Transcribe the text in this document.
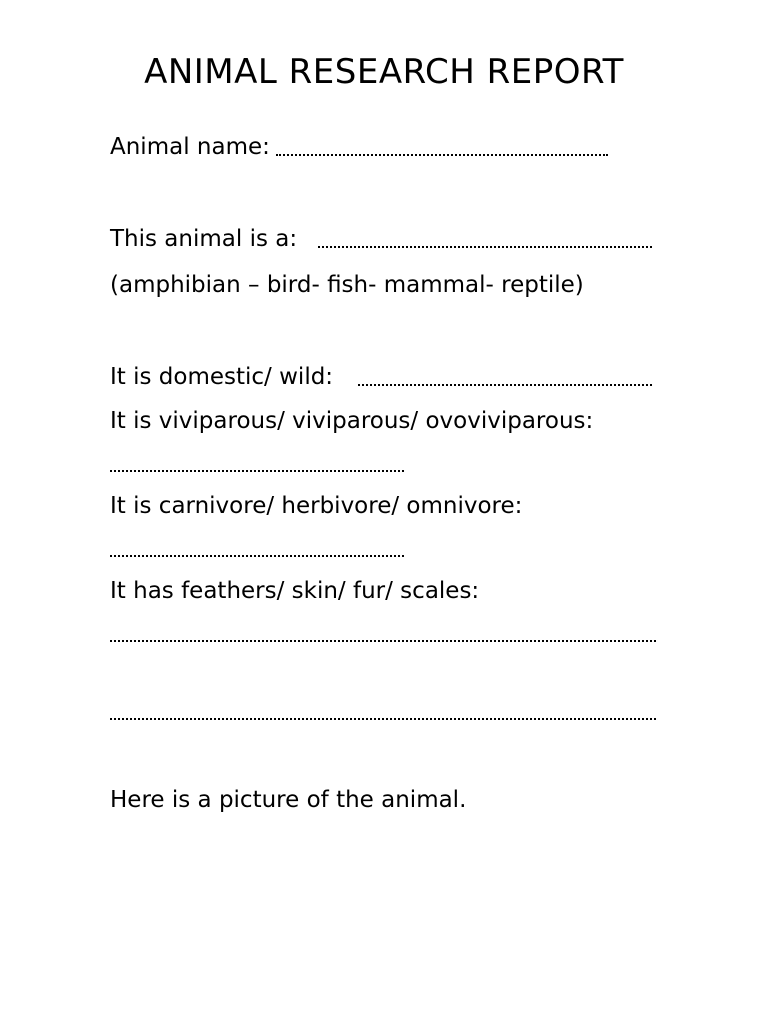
ANIMAL RESEARCH REPORT
Animal name:
This animal is a:
(amphibian – bird- fish- mammal- reptile)
It is domestic/ wild:
It is viviparous/ viviparous/ ovoviviparous:
It is carnivore/ herbivore/ omnivore:
It has feathers/ skin/ fur/ scales:
Here is a picture of the animal.
